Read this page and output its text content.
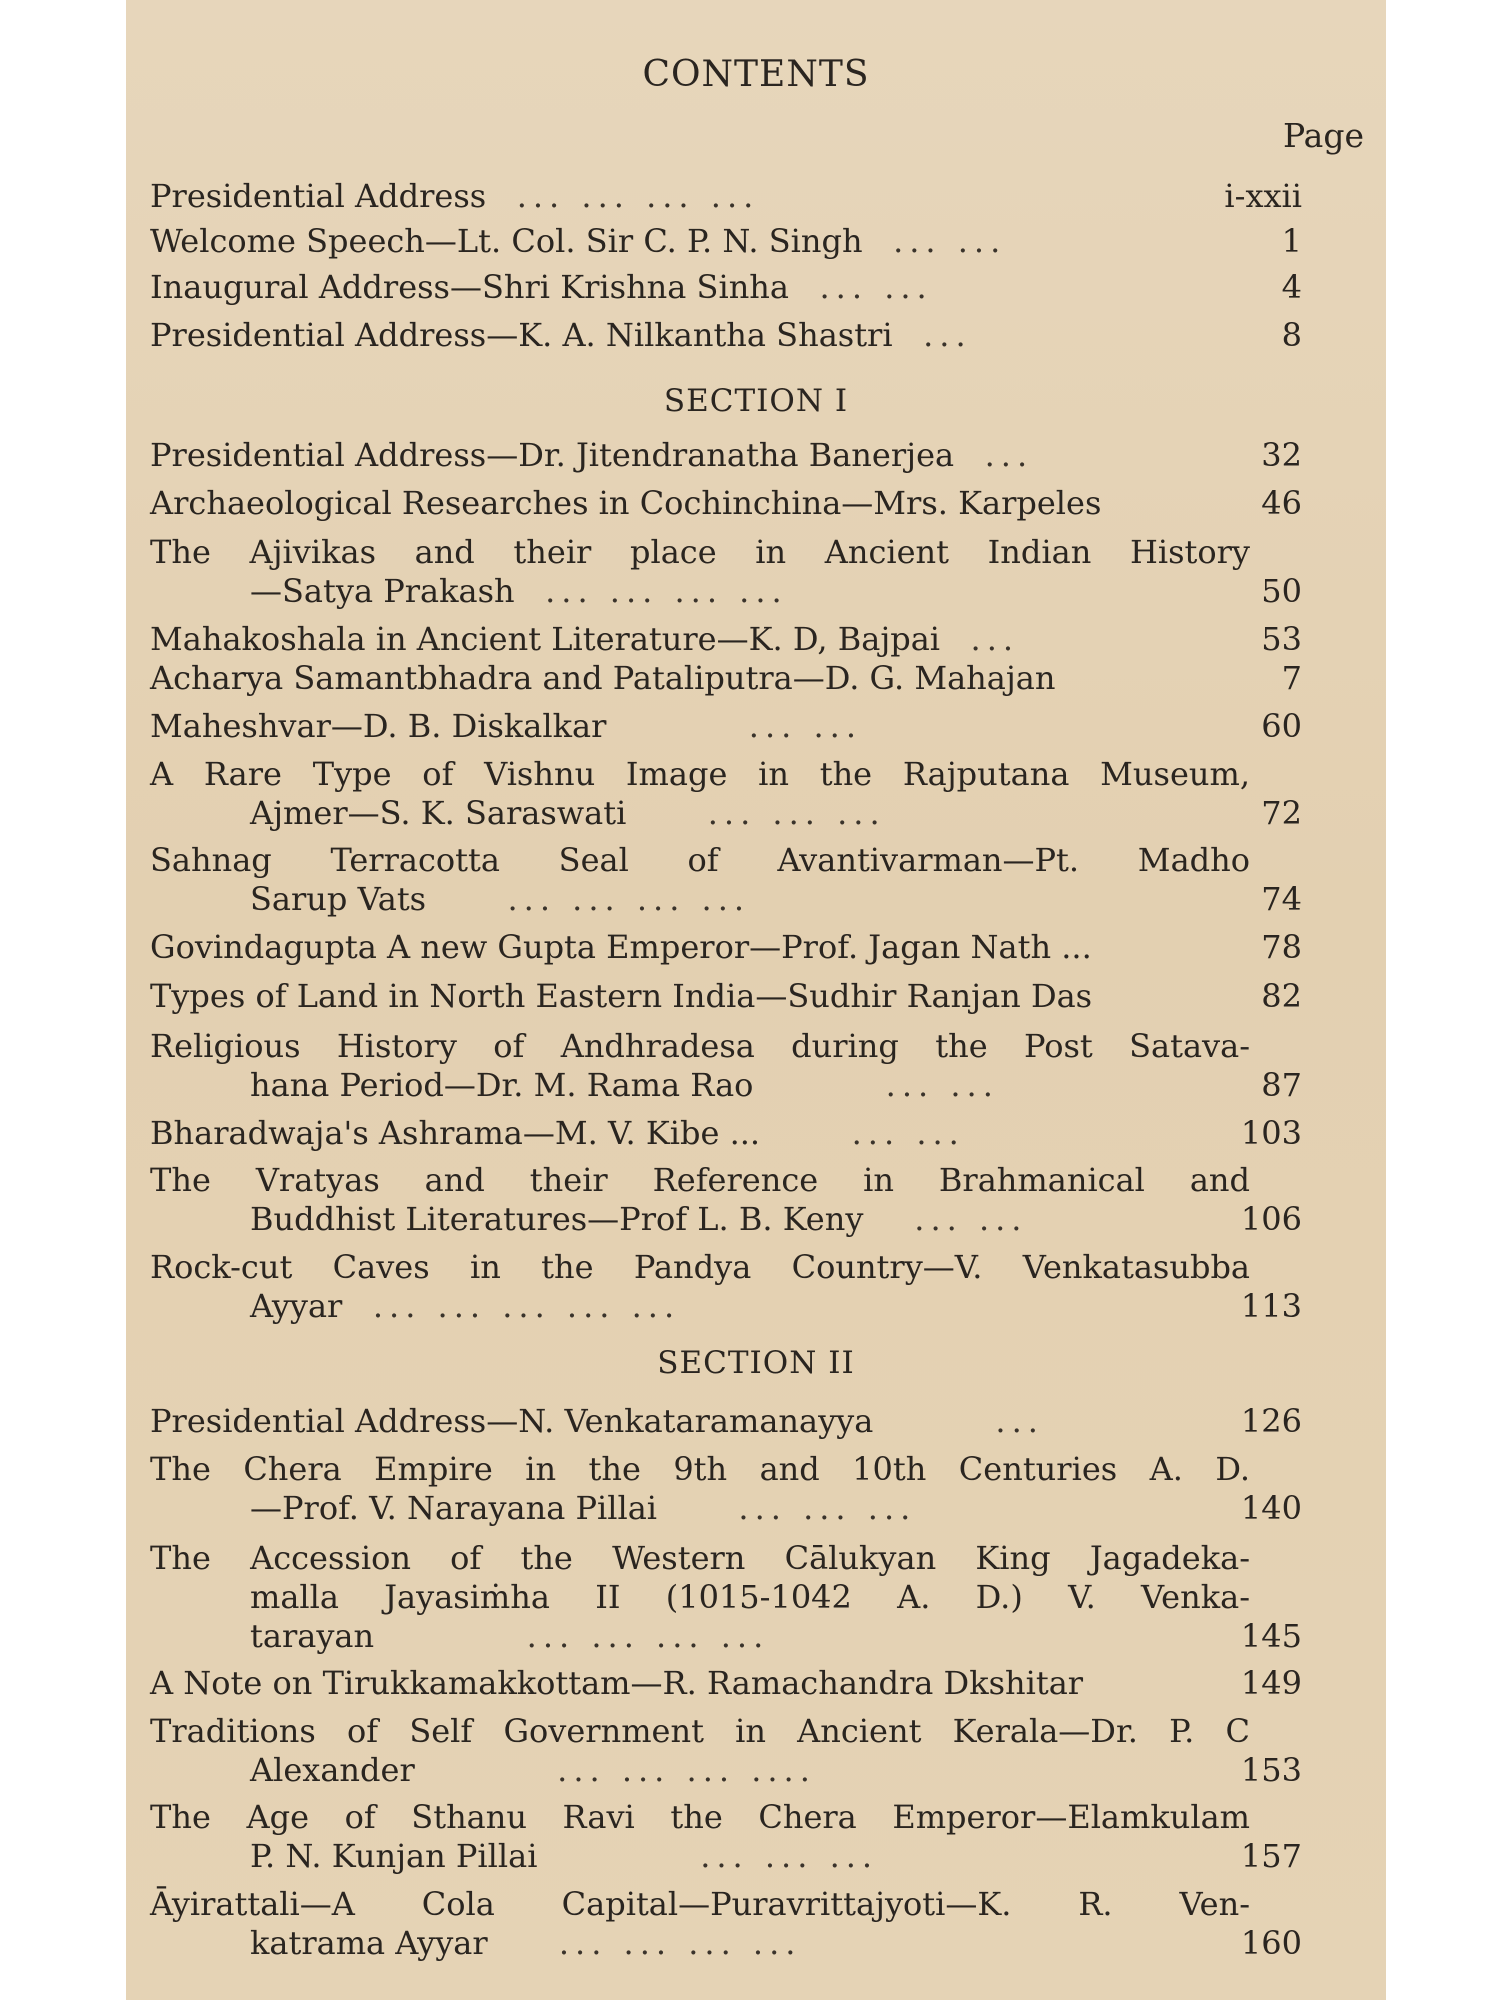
CONTENTS
Page
Presidential Address ... ... ... ...	i-xxii
Welcome Speech—Lt. Col. Sir C. P. N. Singh ... ...	1
Inaugural Address—Shri Krishna Sinha ... ...	4
Presidential Address—K. A. Nilkantha Shastri ...	8
SECTION I
Presidential Address—Dr. Jitendranatha Banerjea ...	32
Archaeological Researches in Cochinchina—Mrs. Karpeles	46
The Ajivikas and their place in Ancient Indian History
—Satya Prakash ... ... ... ...	50
Mahakoshala in Ancient Literature—K. D, Bajpai ...	53
Acharya Samantbhadra and Pataliputra—D. G. Mahajan	7
Maheshvar—D. B. Diskalkar	... ...	60
A Rare Type of Vishnu Image in the Rajputana Museum,
Ajmer—S. K. Saraswati	... ... ...	72
Sahnag Terracotta Seal of Avantivarman—Pt. Madho
Sarup Vats	... ... ... ...	74
Govindagupta A new Gupta Emperor—Prof. Jagan Nath ...	78
Types of Land in North Eastern India—Sudhir Ranjan Das	82
Religious History of Andhradesa during the Post Satava-
hana Period—Dr. M. Rama Rao	... ...	87
Bharadwaja's Ashrama—M. V. Kibe ...	... ...	103
The Vratyas and their Reference in Brahmanical and
Buddhist Literatures—Prof L. B. Keny ... ...	106
Rock-cut Caves in the Pandya Country—V. Venkatasubba
Ayyar ... ... ... ... ...	113
SECTION II
Presidential Address—N. Venkataramanayya	...	126
The Chera Empire in the 9th and 10th Centuries A. D.
—Prof. V. Narayana Pillai	... ... ...	140
The Accession of the Western Cālukyan King Jagadeka-
malla Jayasiṁha II (1015-1042 A. D.) V. Venka-
tarayan	... ... ... ...	145
A Note on Tirukkamakkottam—R. Ramachandra Dkshitar	149
Traditions of Self Government in Ancient Kerala—Dr. P. C
Alexander	... ... ... ....	153
The Age of Sthanu Ravi the Chera Emperor—Elamkulam
P. N. Kunjan Pillai	... ... ...	157
Āyirattali—A Cola Capital—Puravrittajyoti—K. R. Ven-
katrama Ayyar ... ... ... ...	160
